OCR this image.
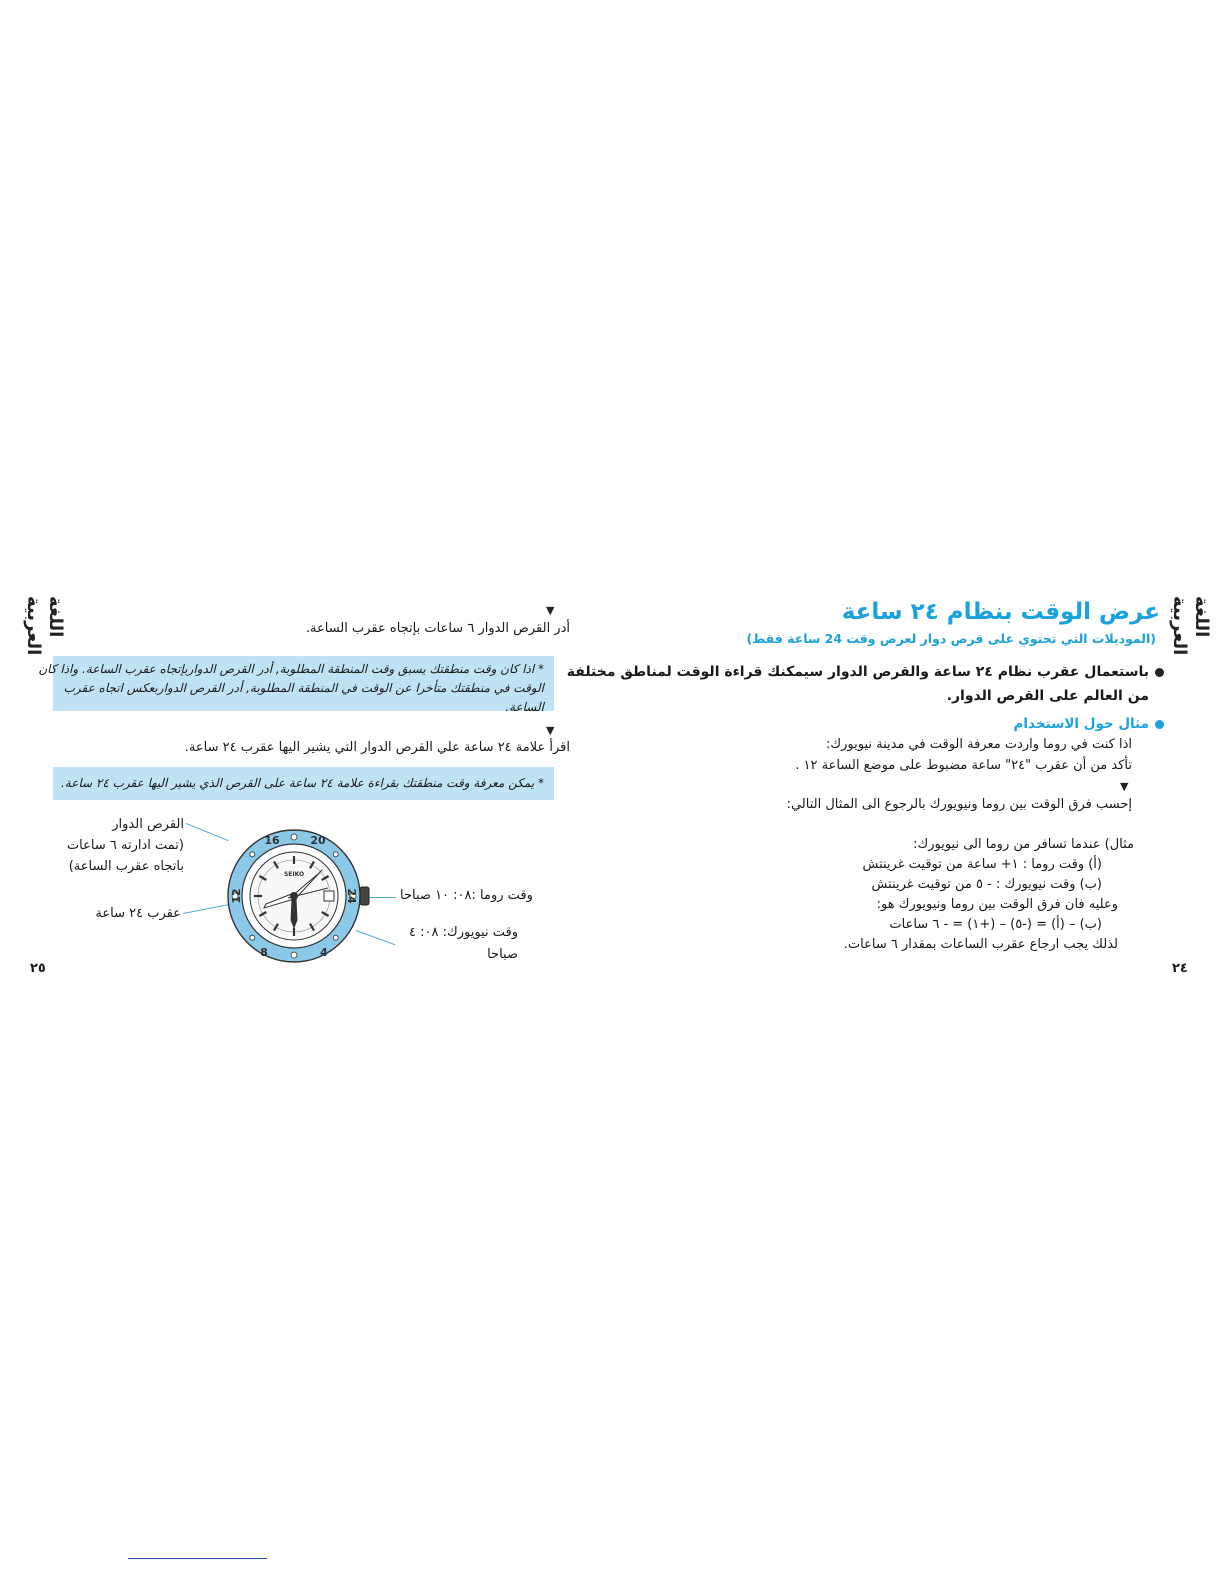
اللغة العربية	▼
أدر القرص الدوار ٦ ساعات بإتجاه عقرب الساعة.
* اذا كان وقت منطقتك يسبق وقت المنطقة المطلوبة, أدر القرص الدواربإتجاه عقرب الساعة. واذا كان
الوقت في منطقتك متأخرا عن الوقت في المنطقة المطلوبة, أدر القرص الدواربعكس اتجاه عقرب
الساعة.
▼
اقرأ علامة ٢٤ ساعة علي القرص الدوار التي يشير اليها عقرب ٢٤ ساعة.
* يمكن معرفة وقت منطقتك بقراءة علامة ٢٤ ساعة على القرص الذي يشير اليها عقرب ٢٤ ساعة.
القرص الدوار
(تمت ادارته ٦ ساعات
باتجاه عقرب الساعة)
عقرب ٢٤ ساعة
وقت روما :٠٨: ١٠ صباحا
وقت نيويورك: ٠٨: ٤
صباحا
16	20
24
4
8
12
SEIKO
٢٥
اللغة العربية
عرض الوقت بنظام ٢٤ ساعة
(الموديلات التي تحتوي على قرص دوار لعرض وقت 24 ساعة فقط)
باستعمال عقرب نظام ٢٤ ساعة والقرص الدوار سيمكنك قراءة الوقت لمناطق مختلفة
من العالم على القرص الدوار.
مثال حول الاستخدام
اذا كنت في روما واردت معرفة الوقت في مدينة نيويورك:
تأكد من أن عقرب "٢٤" ساعة مضبوط على موضع الساعة ١٢ .
▼
إحسب فرق الوقت بين روما ونيويورك بالرجوع الى المثال التالي:
مثال) عندما تسافر من روما الى نيويورك:
(أ) وقت روما : ١+ ساعة من توقيت غرينتش
(ب) وقت نيويورك : - ٥ من توقيت غرينتش
وعليه فان فرق الوقت بين روما ونيويورك هو:
(ب) – (أ) = (-٥) – (+١) = - ٦ ساعات
لذلك يجب ارجاع عقرب الساعات بمقدار ٦ ساعات.
٢٤
